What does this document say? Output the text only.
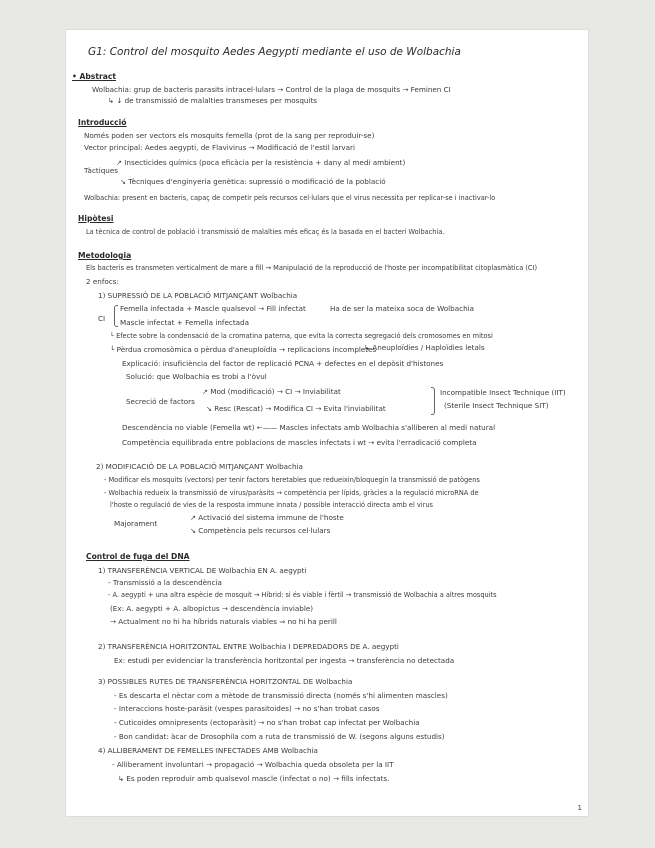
G1: Control del mosquito Aedes Aegypti mediante el uso de Wolbachia
• Abstract
Wolbachia: grup de bacteris parasits intracel·lulars → Control de la plaga de mosquits → Feminen CI
↳ ↓ de transmissió de malalties transmeses per mosquits
Introducció
Només poden ser vectors els mosquits femella (prot de la sang per reproduir-se)
Vector principal: Aedes aegypti, de Flavivirus → Modificació de l'estil larvari
Tàctiques
↗ Insecticides químics (poca eficàcia per la resistència + dany al medi ambient)
↘ Tècniques d'enginyeria genètica: supressió o modificació de la població
Wolbachia: present en bacteris, capaç de competir pels recursos cel·lulars que el virus necessita per replicar-se i inactivar-lo
Hipòtesi
La tècnica de control de població i transmissió de malalties més eficaç és la basada en el bacteri Wolbachia.
Metodologia
Els bacteris es transmeten verticalment de mare a fill → Manipulació de la reproducció de l'hoste per incompatibilitat citoplasmàtica (CI)
2 enfocs:
1) SUPRESSIÓ DE LA POBLACIÓ MITJANÇANT Wolbachia
CI
Femella infectada + Mascle qualsevol → Fill infectat
Mascle infectat + Femella infectada
Ha de ser la mateixa soca de Wolbachia
└ Efecte sobre la condensació de la cromatina paterna, que evita la correcta segregació dels cromosomes en mitosi
└ Pèrdua cromosòmica o pèrdua d'aneuploïdia → replicacions incompletes
↳ Aneuploïdies / Haploïdies letals
Explicació: insuficiència del factor de replicació PCNA + defectes en el depòsit d'histones
Solució: que Wolbachia es trobi a l'òvul
Secreció de factors
↗ Mod (modificació) → CI → Inviabilitat
↘ Resc (Rescat) → Modifica CI → Evita l'inviabilitat
Incompatible Insect Technique (IIT)
(Sterile Insect Technique SIT)
Descendència no viable (Femella wt) ←—— Mascles infectats amb Wolbachia s'alliberen al medi natural
Competència equilibrada entre poblacions de mascles infectats i wt → evita l'erradicació completa
2) MODIFICACIÓ DE LA POBLACIÓ MITJANÇANT Wolbachia
- Modificar els mosquits (vectors) per tenir factors heretables que redueixin/bloquegin la transmissió de patògens
- Wolbachia redueix la transmissió de virus/paràsits → competència per lípids, gràcies a la regulació microRNA de
l'hoste o regulació de vies de la resposta immune innata / possible interacció directa amb el virus
Majorament
↗ Activació del sistema immune de l'hoste
↘ Competència pels recursos cel·lulars
Control de fuga del DNA
1) TRANSFERÈNCIA VERTICAL DE Wolbachia EN A. aegypti
- Transmissió a la descendència
- A. aegypti + una altra espècie de mosquit → Híbrid: si és viable i fèrtil → transmissió de Wolbachia a altres mosquits
(Ex: A. aegypti + A. albopictus → descendència inviable)
→ Actualment no hi ha híbrids naturals viables ⇒ no hi ha perill
2) TRANSFERÈNCIA HORITZONTAL ENTRE Wolbachia I DEPREDADORS DE A. aegypti
Ex: estudi per evidenciar la transferència horitzontal per ingesta → transferència no detectada
3) POSSIBLES RUTES DE TRANSFERÈNCIA HORITZONTAL DE Wolbachia
- Es descarta el nèctar com a mètode de transmissió directa (només s'hi alimenten mascles)
- Interaccions hoste-paràsit (vespes parasitoides) → no s'han trobat casos
- Cuticoides omnipresents (ectoparàsit) → no s'han trobat cap infectat per Wolbachia
- Bon candidat: àcar de Drosophila com a ruta de transmissió de W. (segons alguns estudis)
4) ALLIBERAMENT DE FEMELLES INFECTADES AMB Wolbachia
- Alliberament involuntari → propagació → Wolbachia queda obsoleta per la IIT
↳ Es poden reproduir amb qualsevol mascle (infectat o no) → fills infectats.
1
